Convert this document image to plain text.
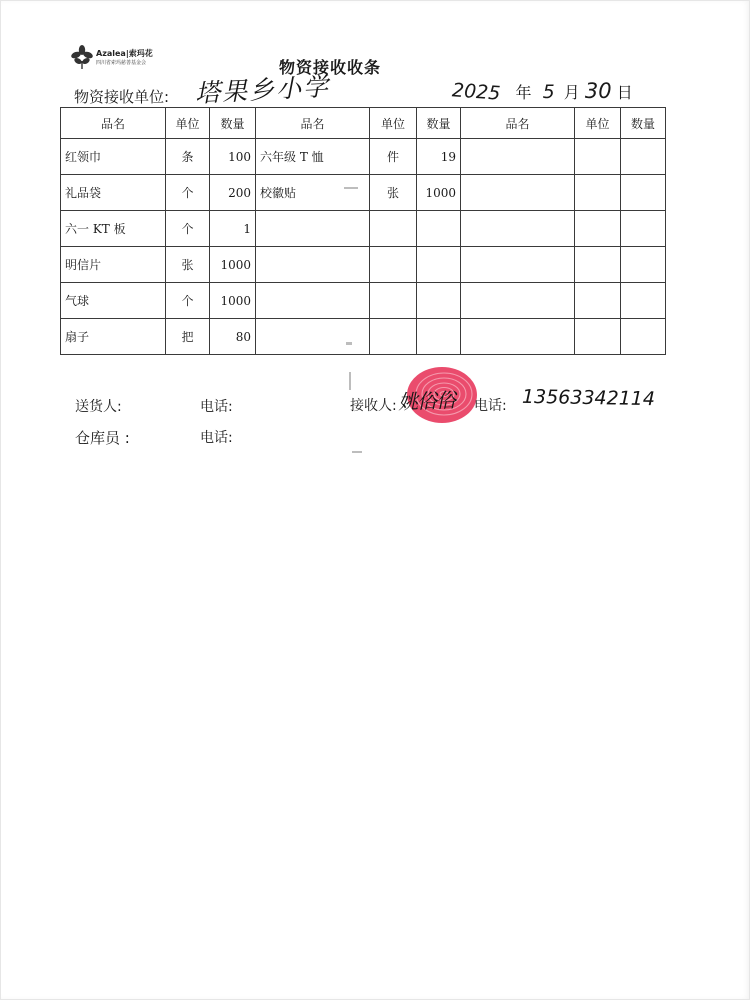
Azalea|索玛花
四川省索玛慈善基金会	物资接收收条
物资接收单位: 塔果乡小学	2025 年 5 月 30 日
品名	单位	数量	品名	单位	数量	品名	单位	数量
红领巾	条	100	六年级 T 恤	件	19			
礼品袋	个	200	校徽贴	张	1000			
六一 KT 板	个	1						
明信片	张	1000						
气球	个	1000						
扇子	把	80						
送货人:	电话:
仓库员 :	电话:
接收人: 姚俗俗 电话: 13563342114
